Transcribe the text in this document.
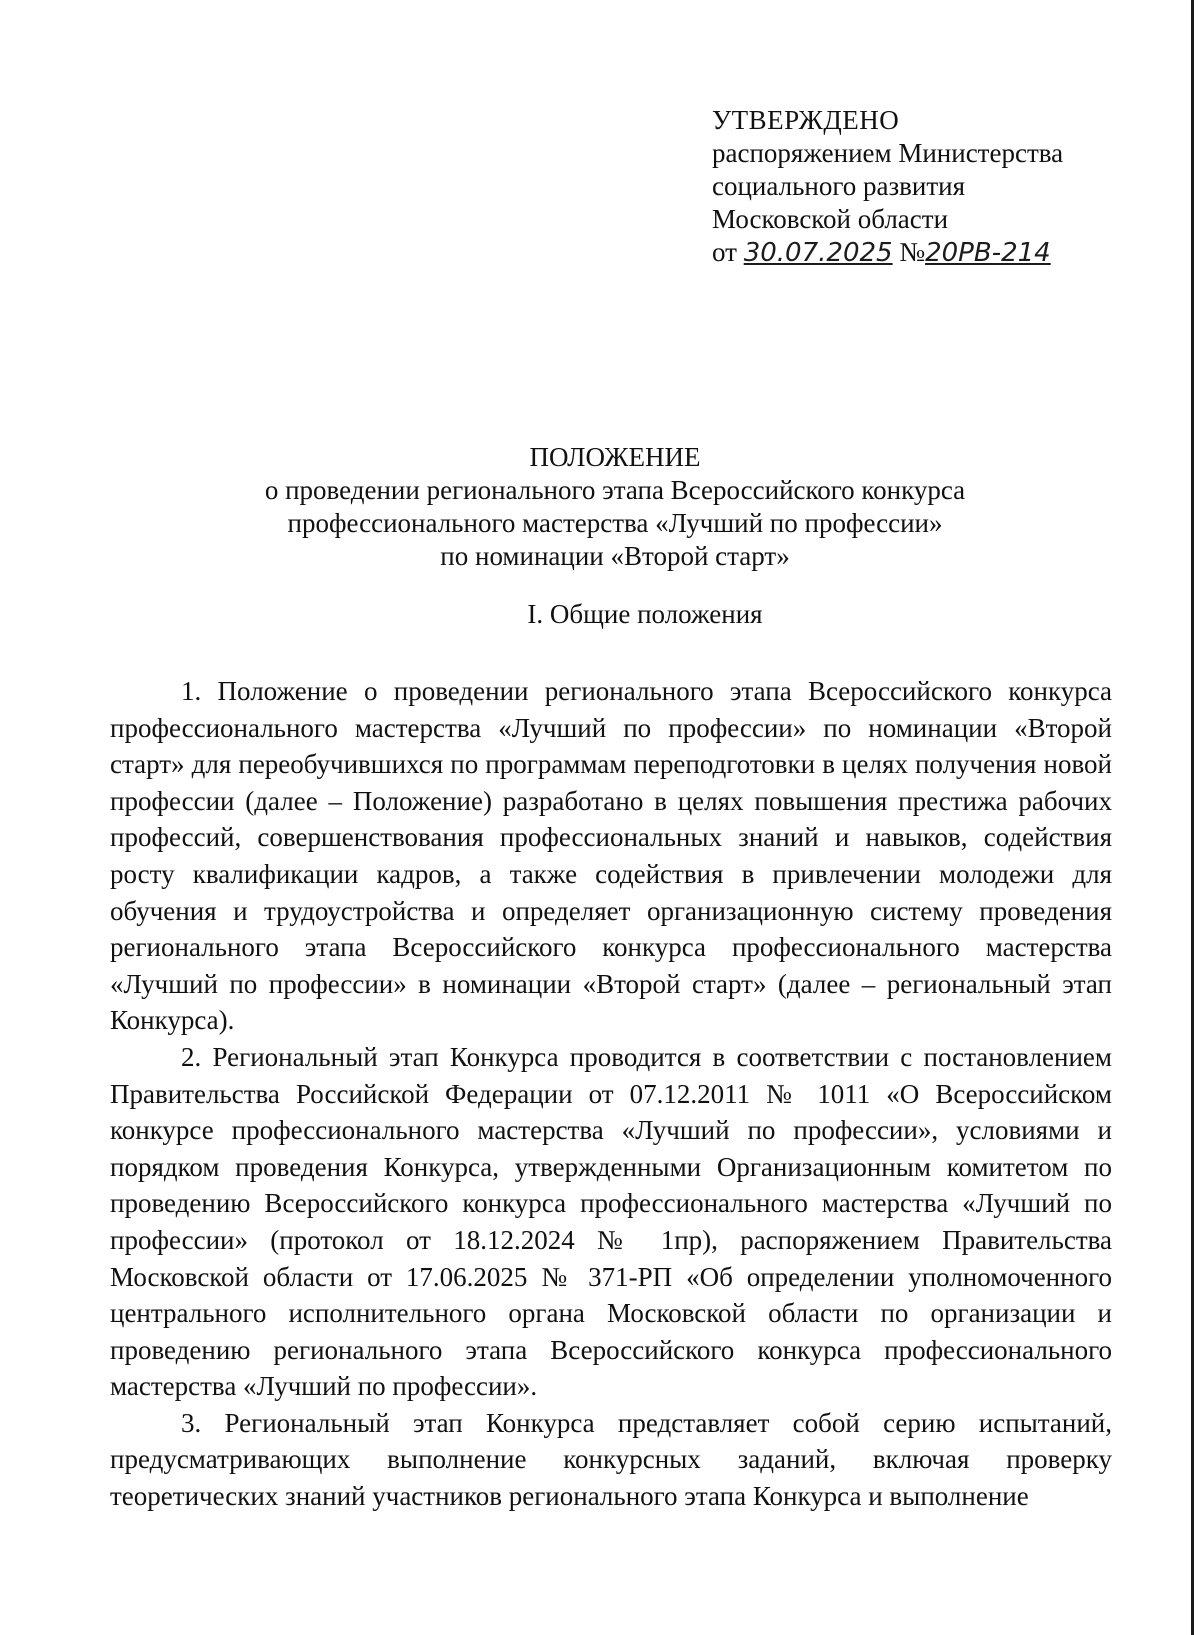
УТВЕРЖДЕНО
распоряжением Министерства
социального развития
Московской области
от 30.07.2025 №20РВ-214
ПОЛОЖЕНИЕ
о проведении регионального этапа Всероссийского конкурса
профессионального мастерства «Лучший по профессии»
по номинации «Второй старт»
I. Общие положения

1. Положение о проведении регионального этапа Всероссийского конкурса профессионального мастерства «Лучший по профессии» по номинации «Второй старт» для переобучившихся по программам переподготовки в целях получения новой профессии (далее – Положение) разработано в целях повышения престижа рабочих профессий, совершенствования профессиональных знаний и навыков, содействия росту квалификации кадров, а также содействия в привлечении молодежи для обучения и трудоустройства и определяет организационную систему проведения регионального этапа Всероссийского конкурса профессионального мастерства «Лучший по профессии» в номинации «Второй старт» (далее – региональный этап Конкурса).

2. Региональный этап Конкурса проводится в соответствии с постановлением Правительства Российской Федерации от 07.12.2011 № 1011 «О Всероссийском конкурсе профессионального мастерства «Лучший по профессии», условиями и порядком проведения Конкурса, утвержденными Организационным комитетом по проведению Всероссийского конкурса профессионального мастерства «Лучший по профессии» (протокол от 18.12.2024 № 1пр), распоряжением Правительства Московской области от 17.06.2025 № 371-РП «Об определении уполномоченного центрального исполнительного органа Московской области по организации и проведению регионального этапа Всероссийского конкурса профессионального мастерства «Лучший по профессии».

3. Региональный этап Конкурса представляет собой серию испытаний, предусматривающих выполнение конкурсных заданий, включая проверку теоретических знаний участников регионального этапа Конкурса и выполнение
